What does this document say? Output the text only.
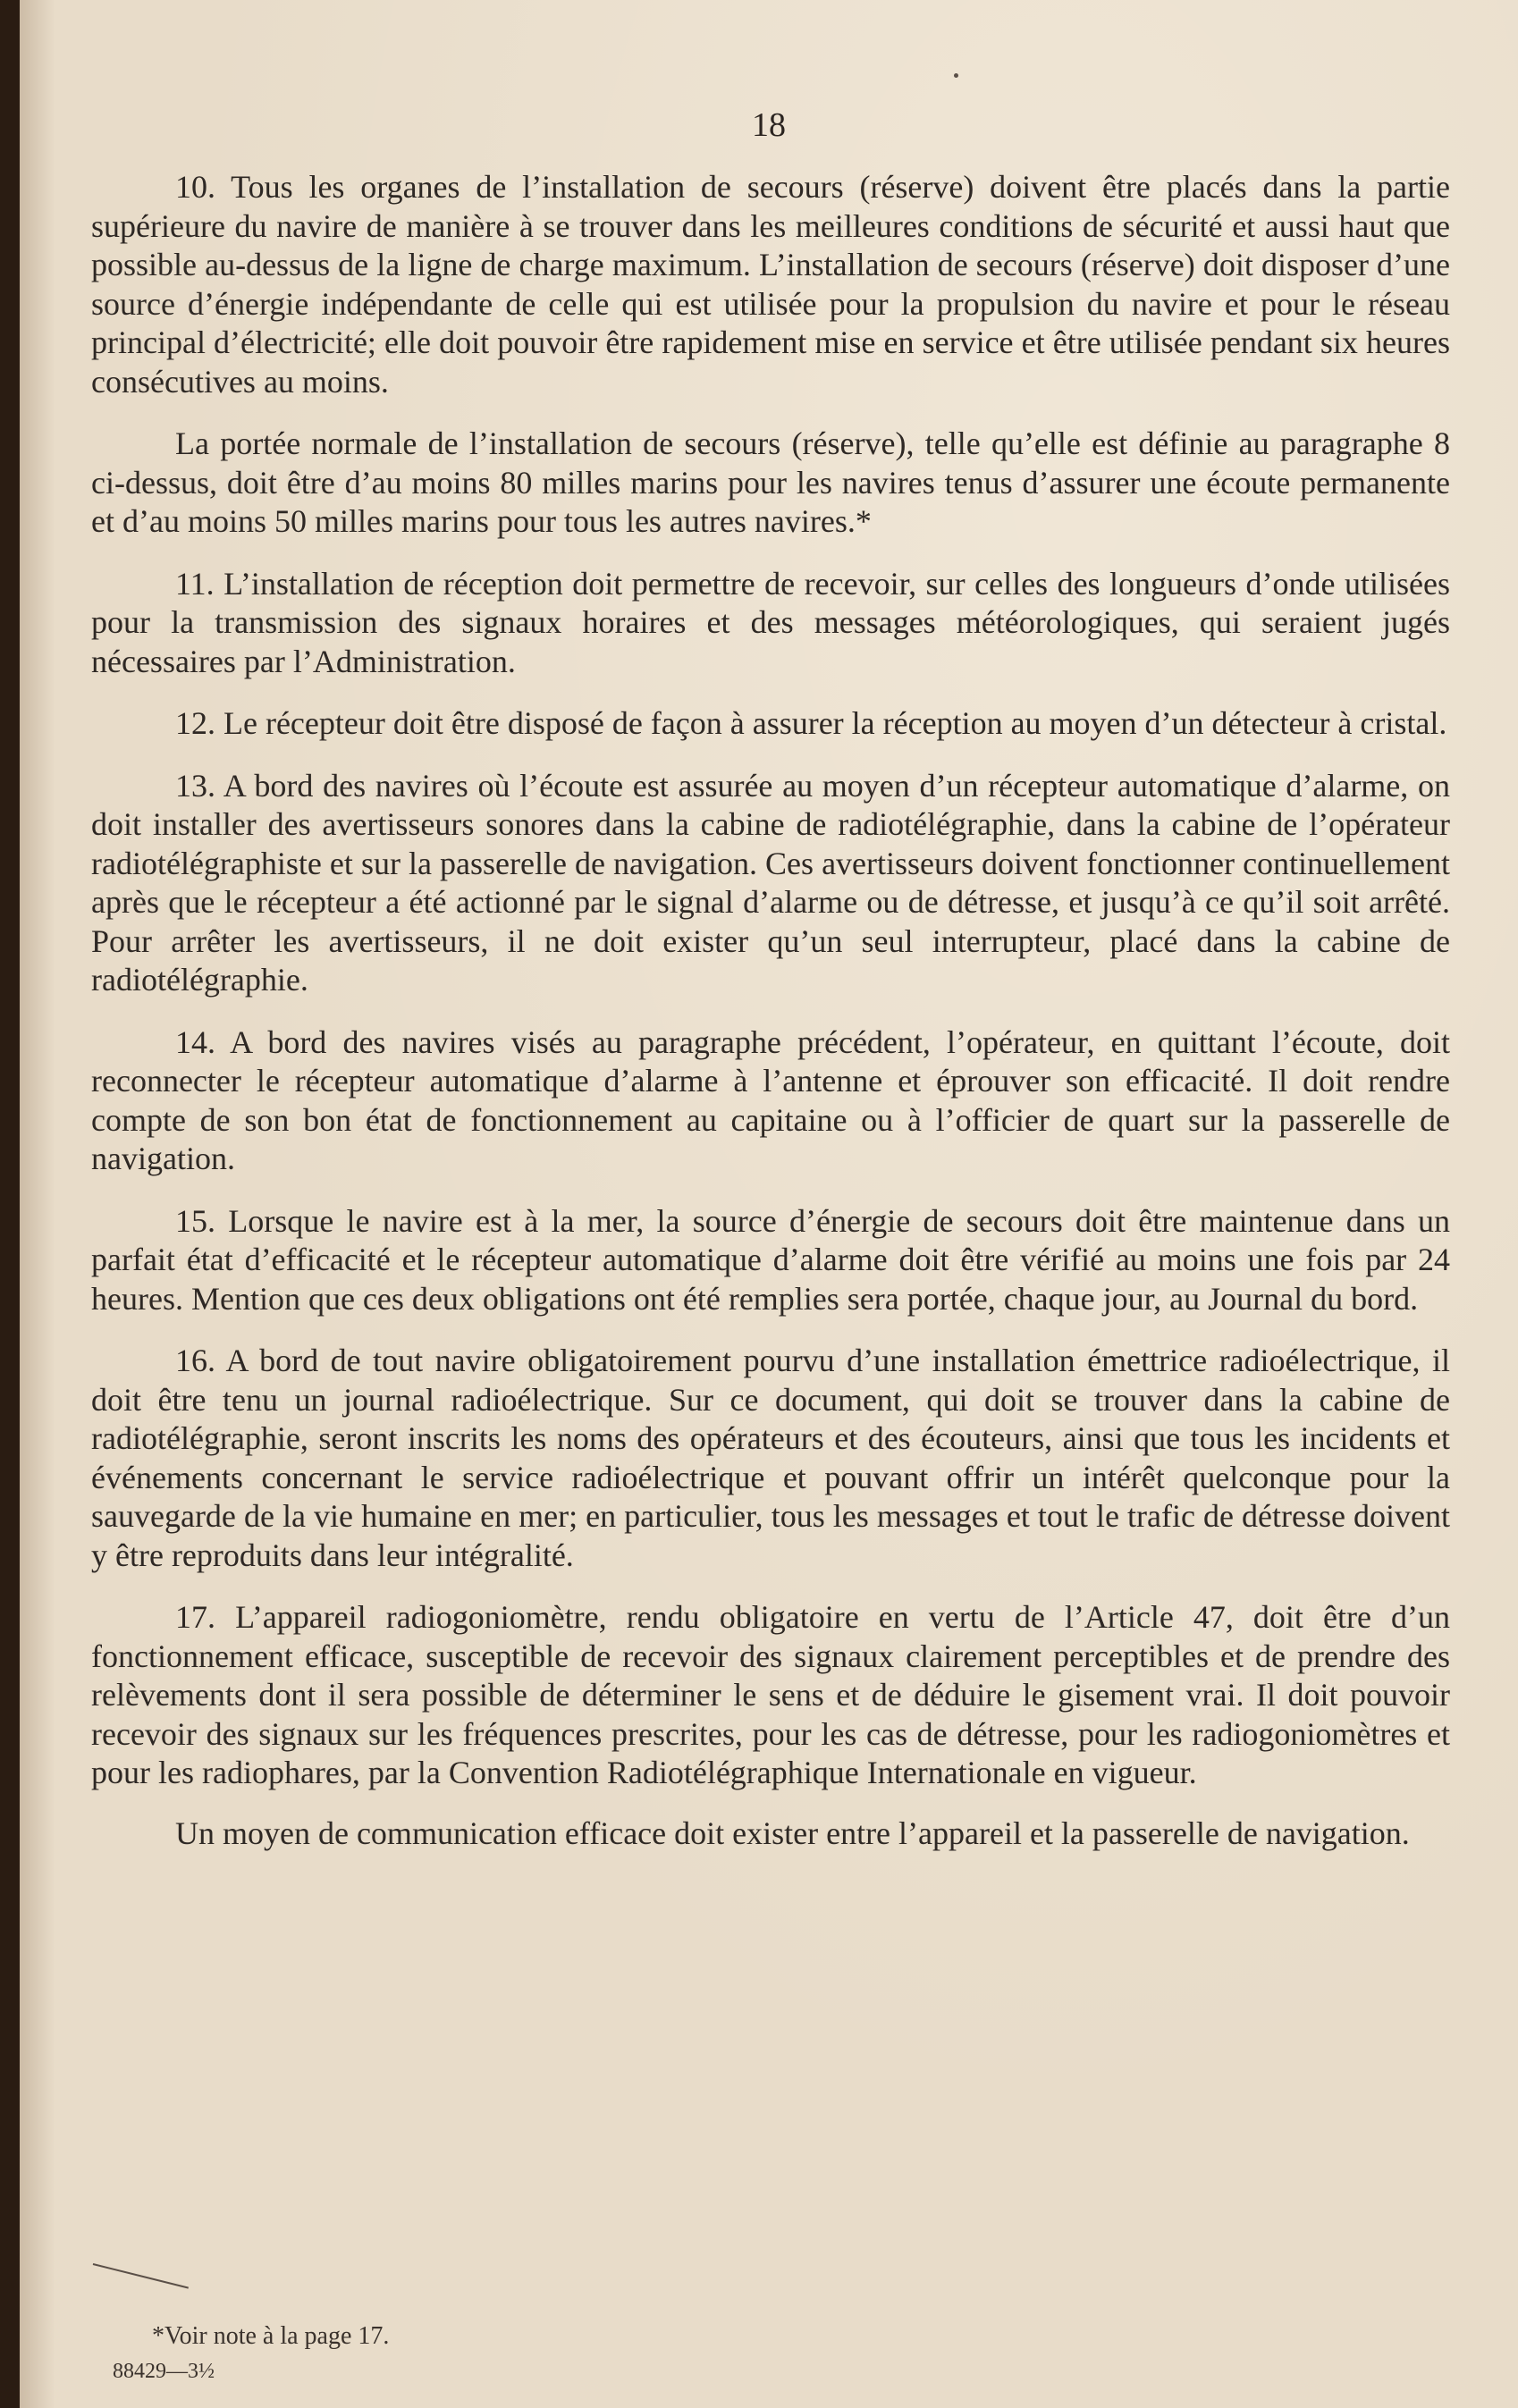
18

10. Tous les organes de l’installation de secours (réserve) doivent être placés dans la partie supérieure du navire de manière à se trouver dans les meilleures conditions de sécurité et aussi haut que possible au-dessus de la ligne de charge maximum. L’installation de secours (réserve) doit disposer d’une source d’énergie indépendante de celle qui est utilisée pour la propulsion du navire et pour le réseau principal d’électricité; elle doit pouvoir être rapidement mise en service et être utilisée pendant six heures consécutives au moins.

La portée normale de l’installation de secours (réserve), telle qu’elle est définie au paragraphe 8 ci-dessus, doit être d’au moins 80 milles marins pour les navires tenus d’assurer une écoute permanente et d’au moins 50 milles marins pour tous les autres navires.*

11. L’installation de réception doit permettre de recevoir, sur celles des longueurs d’onde utilisées pour la transmission des signaux horaires et des messages météorologiques, qui seraient jugés nécessaires par l’Administration.

12. Le récepteur doit être disposé de façon à assurer la réception au moyen d’un détecteur à cristal.

13. A bord des navires où l’écoute est assurée au moyen d’un récepteur automatique d’alarme, on doit installer des avertisseurs sonores dans la cabine de radiotélégraphie, dans la cabine de l’opérateur radiotélégraphiste et sur la passerelle de navigation. Ces avertisseurs doivent fonctionner continuellement après que le récepteur a été actionné par le signal d’alarme ou de détresse, et jusqu’à ce qu’il soit arrêté. Pour arrêter les avertisseurs, il ne doit exister qu’un seul interrupteur, placé dans la cabine de radiotélégraphie.

14. A bord des navires visés au paragraphe précédent, l’opérateur, en quittant l’écoute, doit reconnecter le récepteur automatique d’alarme à l’antenne et éprouver son efficacité. Il doit rendre compte de son bon état de fonctionnement au capitaine ou à l’officier de quart sur la passerelle de navigation.

15. Lorsque le navire est à la mer, la source d’énergie de secours doit être maintenue dans un parfait état d’efficacité et le récepteur automatique d’alarme doit être vérifié au moins une fois par 24 heures. Mention que ces deux obligations ont été remplies sera portée, chaque jour, au Journal du bord.

16. A bord de tout navire obligatoirement pourvu d’une installation émettrice radioélectrique, il doit être tenu un journal radioélectrique. Sur ce document, qui doit se trouver dans la cabine de radiotélégraphie, seront inscrits les noms des opérateurs et des écouteurs, ainsi que tous les incidents et événements concernant le service radioélectrique et pouvant offrir un intérêt quelconque pour la sauvegarde de la vie humaine en mer; en particulier, tous les messages et tout le trafic de détresse doivent y être reproduits dans leur intégralité.

17. L’appareil radiogoniomètre, rendu obligatoire en vertu de l’Article 47, doit être d’un fonctionnement efficace, susceptible de recevoir des signaux clairement perceptibles et de prendre des relèvements dont il sera possible de déterminer le sens et de déduire le gisement vrai. Il doit pouvoir recevoir des signaux sur les fréquences prescrites, pour les cas de détresse, pour les radiogoniomètres et pour les radiophares, par la Convention Radiotélégraphique Internationale en vigueur.

Un moyen de communication efficace doit exister entre l’appareil et la passerelle de navigation.

*Voir note à la page 17.
88429—3½
